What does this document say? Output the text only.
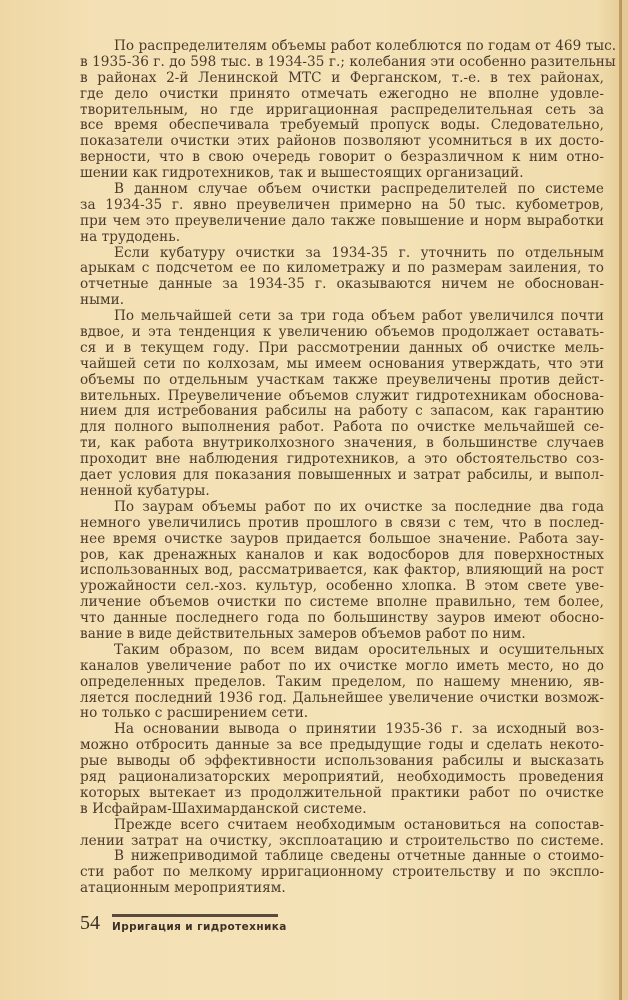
По распределителям объемы работ колеблются по годам от 469 тыс.
в 1935-36 г. до 598 тыс. в 1934-35 г.; колебания эти особенно разительны
в районах 2-й Ленинской МТС и Ферганском, т.-е. в тех районах,
где дело очистки принято отмечать ежегодно не вполне удовле-
творительным, но где ирригационная распределительная сеть за
все время обеспечивала требуемый пропуск воды. Следовательно,
показатели очистки этих районов позволяют усомниться в их досто-
верности, что в свою очередь говорит о безразличном к ним отно-
шении как гидротехников, так и вышестоящих организаций.
В данном случае объем очистки распределителей по системе
за 1934-35 г. явно преувеличен примерно на 50 тыс. кубометров,
при чем это преувеличение дало также повышение и норм выработки
на трудодень.
Если кубатуру очистки за 1934-35 г. уточнить по отдельным
арыкам с подсчетом ее по километражу и по размерам заиления, то
отчетные данные за 1934-35 г. оказываются ничем не обоснован-
ными.
По мельчайшей сети за три года объем работ увеличился почти
вдвое, и эта тенденция к увеличению объемов продолжает оставать-
ся и в текущем году. При рассмотрении данных об очистке мель-
чайшей сети по колхозам, мы имеем основания утверждать, что эти
объемы по отдельным участкам также преувеличены против дейст-
вительных. Преувеличение объемов служит гидротехникам обоснова-
нием для истребования рабсилы на работу с запасом, как гарантию
для полного выполнения работ. Работа по очистке мельчайшей се-
ти, как работа внутриколхозного значения, в большинстве случаев
проходит вне наблюдения гидротехников, а это обстоятельство соз-
дает условия для показания повышенных и затрат рабсилы, и выпол-
ненной кубатуры.
По заурам объемы работ по их очистке за последние два года
немного увеличились против прошлого в связи с тем, что в послед-
нее время очистке зауров придается большое значение. Работа зау-
ров, как дренажных каналов и как водосборов для поверхностных
использованных вод, рассматривается, как фактор, влияющий на рост
урожайности сел.-хоз. культур, особенно хлопка. В этом свете уве-
личение объемов очистки по системе вполне правильно, тем более,
что данные последнего года по большинству зауров имеют обосно-
вание в виде действительных замеров объемов работ по ним.
Таким образом, по всем видам оросительных и осушительных
каналов увеличение работ по их очистке могло иметь место, но до
определенных пределов. Таким пределом, по нашему мнению, яв-
ляется последний 1936 год. Дальнейшее увеличение очистки возмож-
но только с расширением сети.
На основании вывода о принятии 1935-36 г. за исходный воз-
можно отбросить данные за все предыдущие годы и сделать некото-
рые выводы об эффективности использования рабсилы и высказать
ряд рационализаторских мероприятий, необходимость проведения
которых вытекает из продолжительной практики работ по очистке
в Исфайрам-Шахимарданской системе.
Прежде всего считаем необходимым остановиться на сопостав-
лении затрат на очистку, эксплоатацию и строительство по системе.
В нижеприводимой таблице сведены отчетные данные о стоимо-
сти работ по мелкому ирригационному строительству и по экспло-
атационным мероприятиям.
54 Ирригация и гидротехника
